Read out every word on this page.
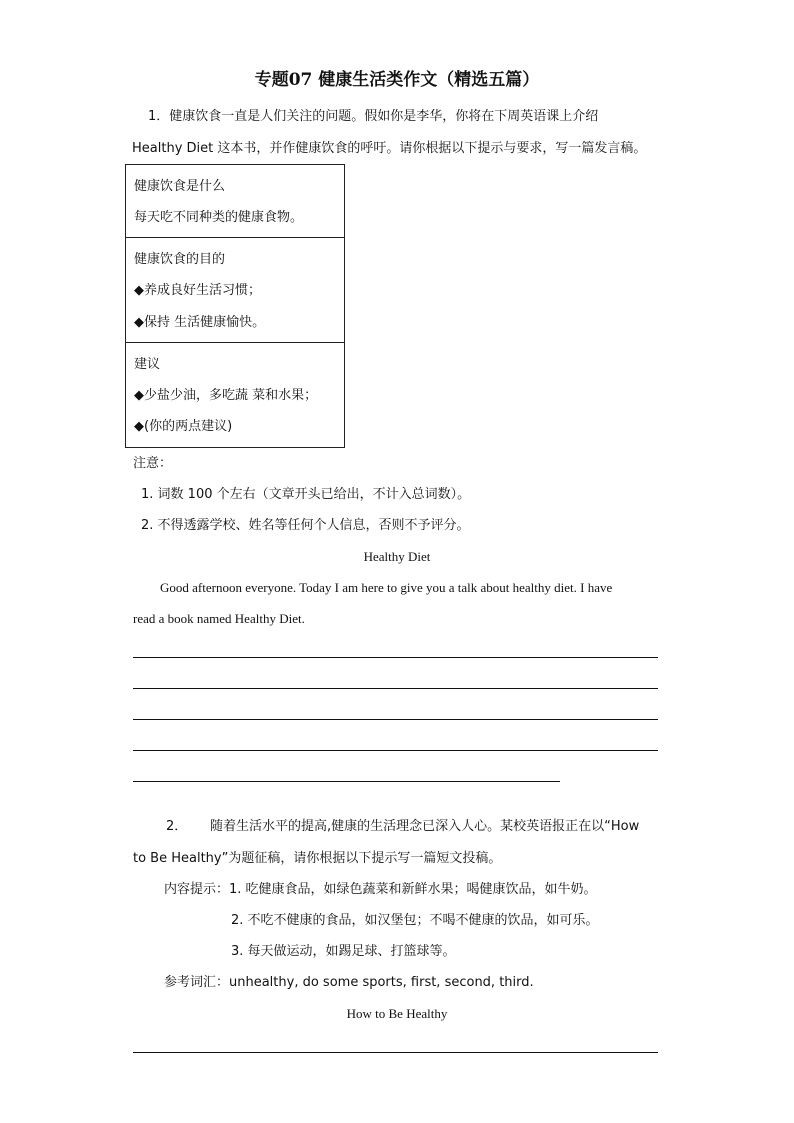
专题07 健康生活类作文（精选五篇）
1．健康饮食一直是人们关注的问题。假如你是李华，你将在下周英语课上介绍
Healthy Diet 这本书，并作健康饮食的呼吁。请你根据以下提示与要求，写一篇发言稿。
健康饮食是什么
每天吃不同种类的健康食物。
健康饮食的目的
◆养成良好生活习惯；
◆保持 生活健康愉快。
建议
◆少盐少油，多吃蔬 菜和水果；
◆(你的两点建议)
注意：
1. 词数 100 个左右（文章开头已给出，不计入总词数）。
2. 不得透露学校、姓名等任何个人信息，否则不予评分。
Healthy Diet
Good afternoon everyone. Today I am here to give you a talk about healthy diet. I have
read a book named Healthy Diet.
2． 随着生活水平的提高,健康的生活理念已深入人心。某校英语报正在以“How
to Be Healthy”为题征稿，请你根据以下提示写一篇短文投稿。
内容提示：1. 吃健康食品，如绿色蔬菜和新鲜水果；喝健康饮品，如牛奶。
2. 不吃不健康的食品，如汉堡包；不喝不健康的饮品，如可乐。
3. 每天做运动，如踢足球、打篮球等。
参考词汇：unhealthy, do some sports, first, second, third.
How to Be Healthy
